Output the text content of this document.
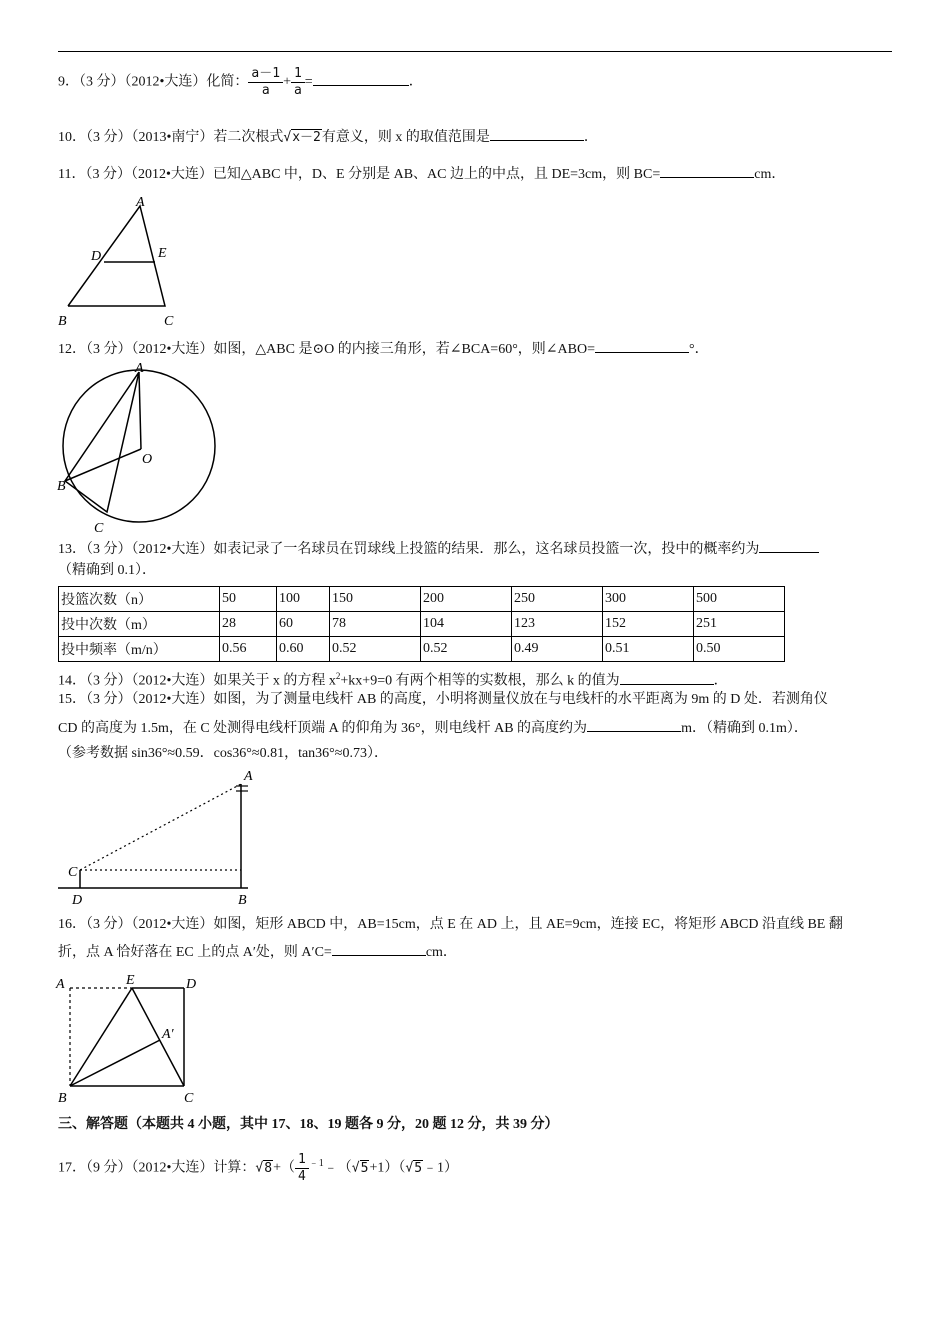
9．（3 分）（2012•大连）化简： $\frac{a-1}{a} + \frac{1}{a}$ =	．
10．（3 分）（2013•南宁）若二次根式√x－2有意义，则 x 的取值范围是	．
11．（3 分）（2012•大连）已知△ABC 中，D、E 分别是 AB、AC 边上的中点，且 DE=3cm，则 BC=	cm．
A
D	E
B	C
12．（3 分）（2012•大连）如图，△ABC 是⊙O 的内接三角形，若∠BCA=60°，则∠ABO=	°．
A
O
B
C
13．（3 分）（2012•大连）如表记录了一名球员在罚球线上投篮的结果．那么，这名球员投篮一次，投中的概率约为
（精确到 0.1）．
投篮次数（n）	50	100	150	200	250	300	500
投中次数（m）	28	60	78	104	123	152	251
投中频率（m/n）	0.56	0.60	0.52	0.52	0.49	0.51	0.50
14．（3 分）（2012•大连）如果关于 x 的方程 $x^2+kx+9=0$ 有两个相等的实数根，那么 k 的值为	．
15．（3 分）（2012•大连）如图，为了测量电线杆 AB 的高度，小明将测量仪放在与电线杆的水平距离为 9m 的 D 处．若测角仪
CD 的高度为 1.5m，在 C 处测得电线杆顶端 A 的仰角为 36°，则电线杆 AB 的高度约为	m．（精确到 0.1m）．
（参考数据 sin36°≈0.59．cos36°≈0.81，tan36°≈0.73）．
A
C
D	B
16．（3 分）（2012•大连）如图，矩形 ABCD 中，AB=15cm，点 E 在 AD 上，且 AE=9cm，连接 EC，将矩形 ABCD 沿直线 BE 翻
折，点 A 恰好落在 EC 上的点 A′处，则 A′C=	cm．
A	E	D
A′
B	C
三、解答题（本题共 4 小题，其中 17、18、19 题各 9 分，20 题 12 分，共 39 分）
17．（9 分）（2012•大连）计算：$√8+( \frac{1}{4}$ $^{﹣1}$﹣（√5+1）（√5﹣1）
